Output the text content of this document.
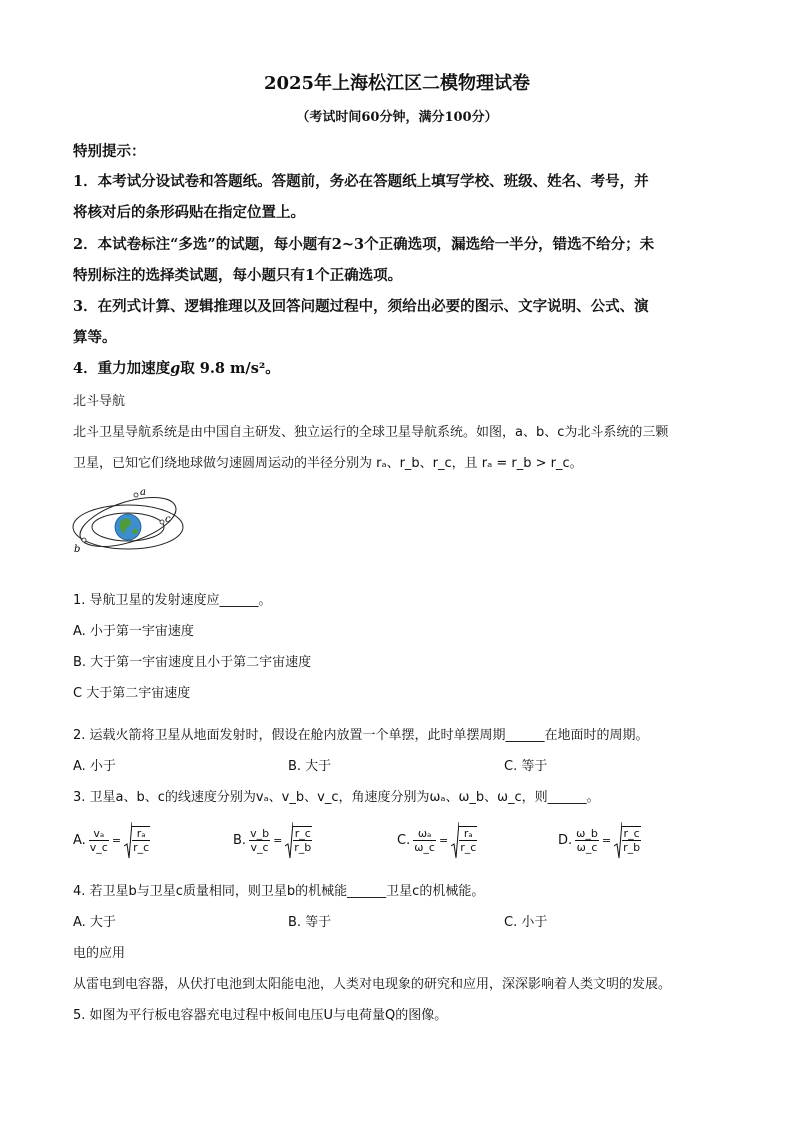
2025年上海松江区二模物理试卷
（考试时间60分钟，满分100分）
特别提示：
1．本考试分设试卷和答题纸。答题前，务必在答题纸上填写学校、班级、姓名、考号，并
将核对后的条形码贴在指定位置上。
2．本试卷标注“多选”的试题，每小题有2~3个正确选项，漏选给一半分，错选不给分；未
特别标注的选择类试题，每小题只有1个正确选项。
3．在列式计算、逻辑推理以及回答问题过程中，须给出必要的图示、文字说明、公式、演
算等。
4．重力加速度g取 9.8 m/s²。
北斗导航
北斗卫星导航系统是由中国自主研发、独立运行的全球卫星导航系统。如图，a、b、c为北斗系统的三颗
卫星，已知它们绕地球做匀速圆周运动的半径分别为 rₐ、r_b、r_c，且 rₐ = r_b > r_c。
a
b
c
1. 导航卫星的发射速度应______。
A. 小于第一宇宙速度
B. 大于第一宇宙速度且小于第二宇宙速度
C 大于第二宇宙速度
2. 运载火箭将卫星从地面发射时，假设在舱内放置一个单摆，此时单摆周期______在地面时的周期。
A. 小于	B. 大于	C. 等于
3. 卫星a、b、c的线速度分别为vₐ、v_b、v_c，角速度分别为ωₐ、ω_b、ω_c，则______。
A. $\frac{\text{vₐ}}{v\_c} = \frac{\text{rₐ}}{r\_c}$	B. $\frac{v\_b}{v\_c} = \frac{r\_c}{r\_b}$	C. $\frac{\text{ωₐ}}{\omega\_c} = \frac{\text{rₐ}}{r\_c}$	D. $\frac{\omega\_b}{\omega\_c} = \frac{r\_c}{r\_b}$
4. 若卫星b与卫星c质量相同，则卫星b的机械能______卫星c的机械能。
A. 大于	B. 等于	C. 小于
电的应用
从雷电到电容器，从伏打电池到太阳能电池，人类对电现象的研究和应用，深深影响着人类文明的发展。
5. 如图为平行板电容器充电过程中板间电压U与电荷量Q的图像。
